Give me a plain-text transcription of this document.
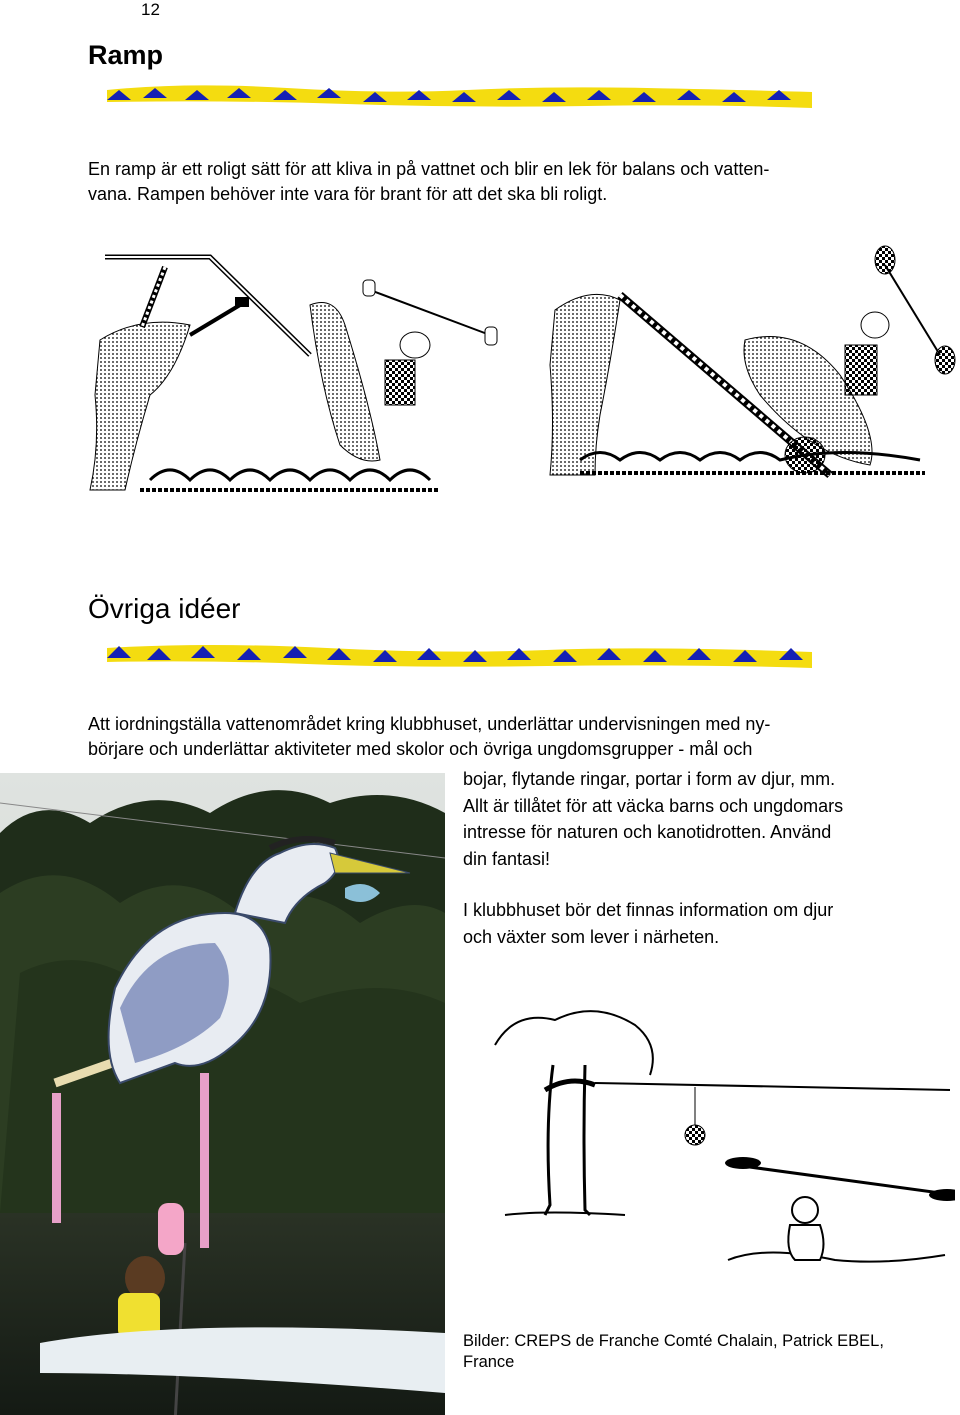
12
Ramp
En ramp är ett roligt sätt för att kliva in på vattnet och blir en lek för balans och vatten-
vana. Rampen behöver inte vara för brant för att det ska bli roligt.
Övriga idéer
Att iordningställa vattenområdet kring klubbhuset, underlättar undervisningen med ny-
börjare och underlättar aktiviteter med skolor och övriga ungdomsgrupper - mål och
bojar, flytande ringar, portar i form av djur, mm.
Allt är tillåtet för att väcka barns och ungdomars
intresse för naturen och kanotidrotten. Använd
din fantasi!
I klubbhuset bör det finnas information om djur
och växter som lever i närheten.
Bilder: CREPS de Franche Comté Chalain, Patrick EBEL,
France
